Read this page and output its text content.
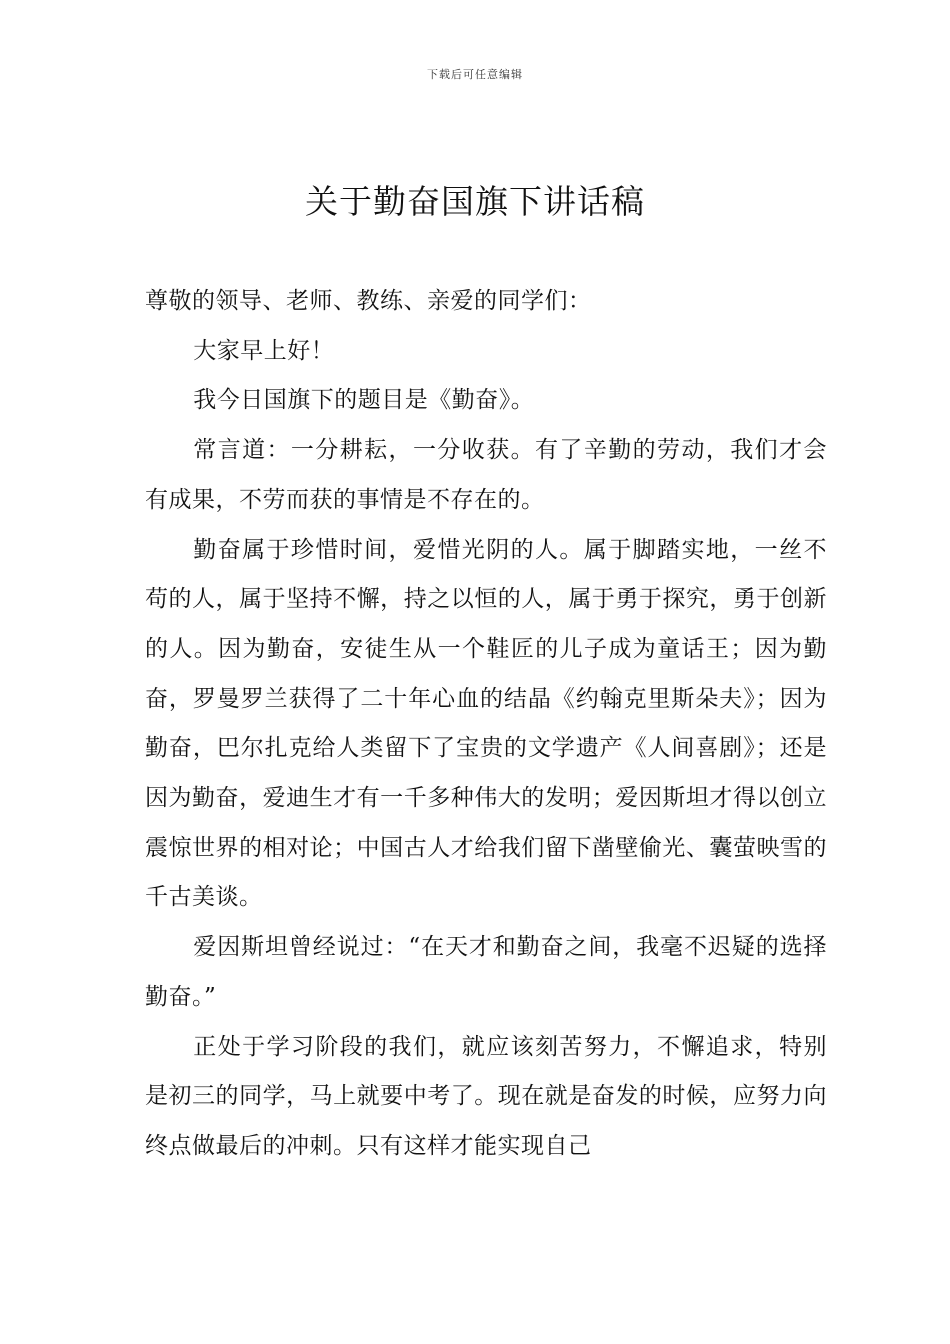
下载后可任意编辑
关于勤奋国旗下讲话稿

尊敬的领导、老师、教练、亲爱的同学们：

大家早上好！

我今日国旗下的题目是《勤奋》。

常言道：一分耕耘，一分收获。有了辛勤的劳动，我们才会有成果，不劳而获的事情是不存在的。

勤奋属于珍惜时间，爱惜光阴的人。属于脚踏实地，一丝不苟的人，属于坚持不懈，持之以恒的人，属于勇于探究，勇于创新的人。因为勤奋，安徒生从一个鞋匠的儿子成为童话王；因为勤奋，罗曼罗兰获得了二十年心血的结晶《约翰克里斯朵夫》；因为勤奋，巴尔扎克给人类留下了宝贵的文学遗产《人间喜剧》；还是因为勤奋，爱迪生才有一千多种伟大的发明；爱因斯坦才得以创立震惊世界的相对论；中国古人才给我们留下凿壁偷光、囊萤映雪的千古美谈。

爱因斯坦曾经说过：“在天才和勤奋之间，我毫不迟疑的选择勤奋。”

正处于学习阶段的我们，就应该刻苦努力，不懈追求，特别是初三的同学，马上就要中考了。现在就是奋发的时候，应努力向终点做最后的冲刺。只有这样才能实现自己
